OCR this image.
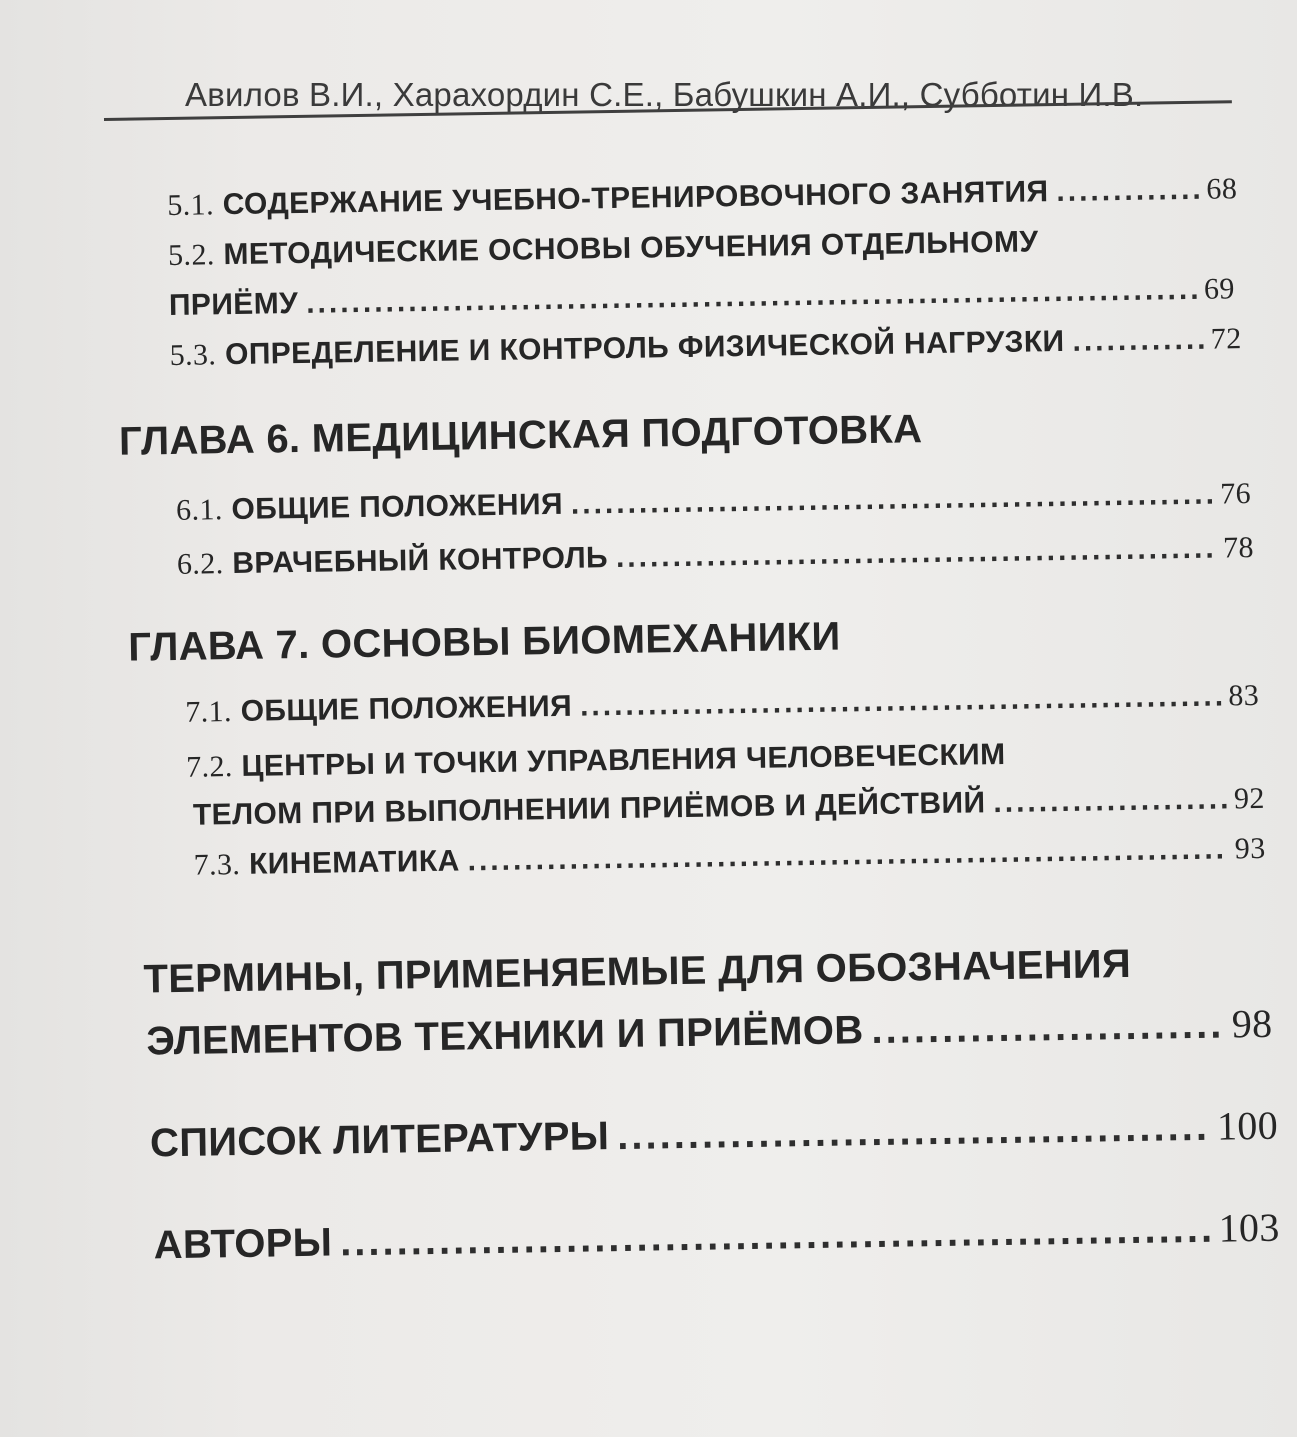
Авилов В.И., Харахордин С.Е., Бабушкин А.И., Субботин И.В.
5.1. СОДЕРЖАНИЕ УЧЕБНО-ТРЕНИРОВОЧНОГО ЗАНЯТИЯ .....	68
5.2. МЕТОДИЧЕСКИЕ ОСНОВЫ ОБУЧЕНИЯ ОТДЕЛЬНОМУ
ПРИЁМУ .....	69
5.3. ОПРЕДЕЛЕНИЕ И КОНТРОЛЬ ФИЗИЧЕСКОЙ НАГРУЗКИ .....	72
ГЛАВА 6. МЕДИЦИНСКАЯ ПОДГОТОВКА
6.1. ОБЩИЕ ПОЛОЖЕНИЯ .....	76
6.2. ВРАЧЕБНЫЙ КОНТРОЛЬ .....	78
ГЛАВА 7. ОСНОВЫ БИОМЕХАНИКИ
7.1. ОБЩИЕ ПОЛОЖЕНИЯ .....	83
7.2. ЦЕНТРЫ И ТОЧКИ УПРАВЛЕНИЯ ЧЕЛОВЕЧЕСКИМ
ТЕЛОМ ПРИ ВЫПОЛНЕНИИ ПРИЁМОВ И ДЕЙСТВИЙ .....	92
7.3. КИНЕМАТИКА .....	93
ТЕРМИНЫ, ПРИМЕНЯЕМЫЕ ДЛЯ ОБОЗНАЧЕНИЯ
ЭЛЕМЕНТОВ ТЕХНИКИ И ПРИЁМОВ .....	98
СПИСОК ЛИТЕРАТУРЫ .....	100
АВТОРЫ .....	103
